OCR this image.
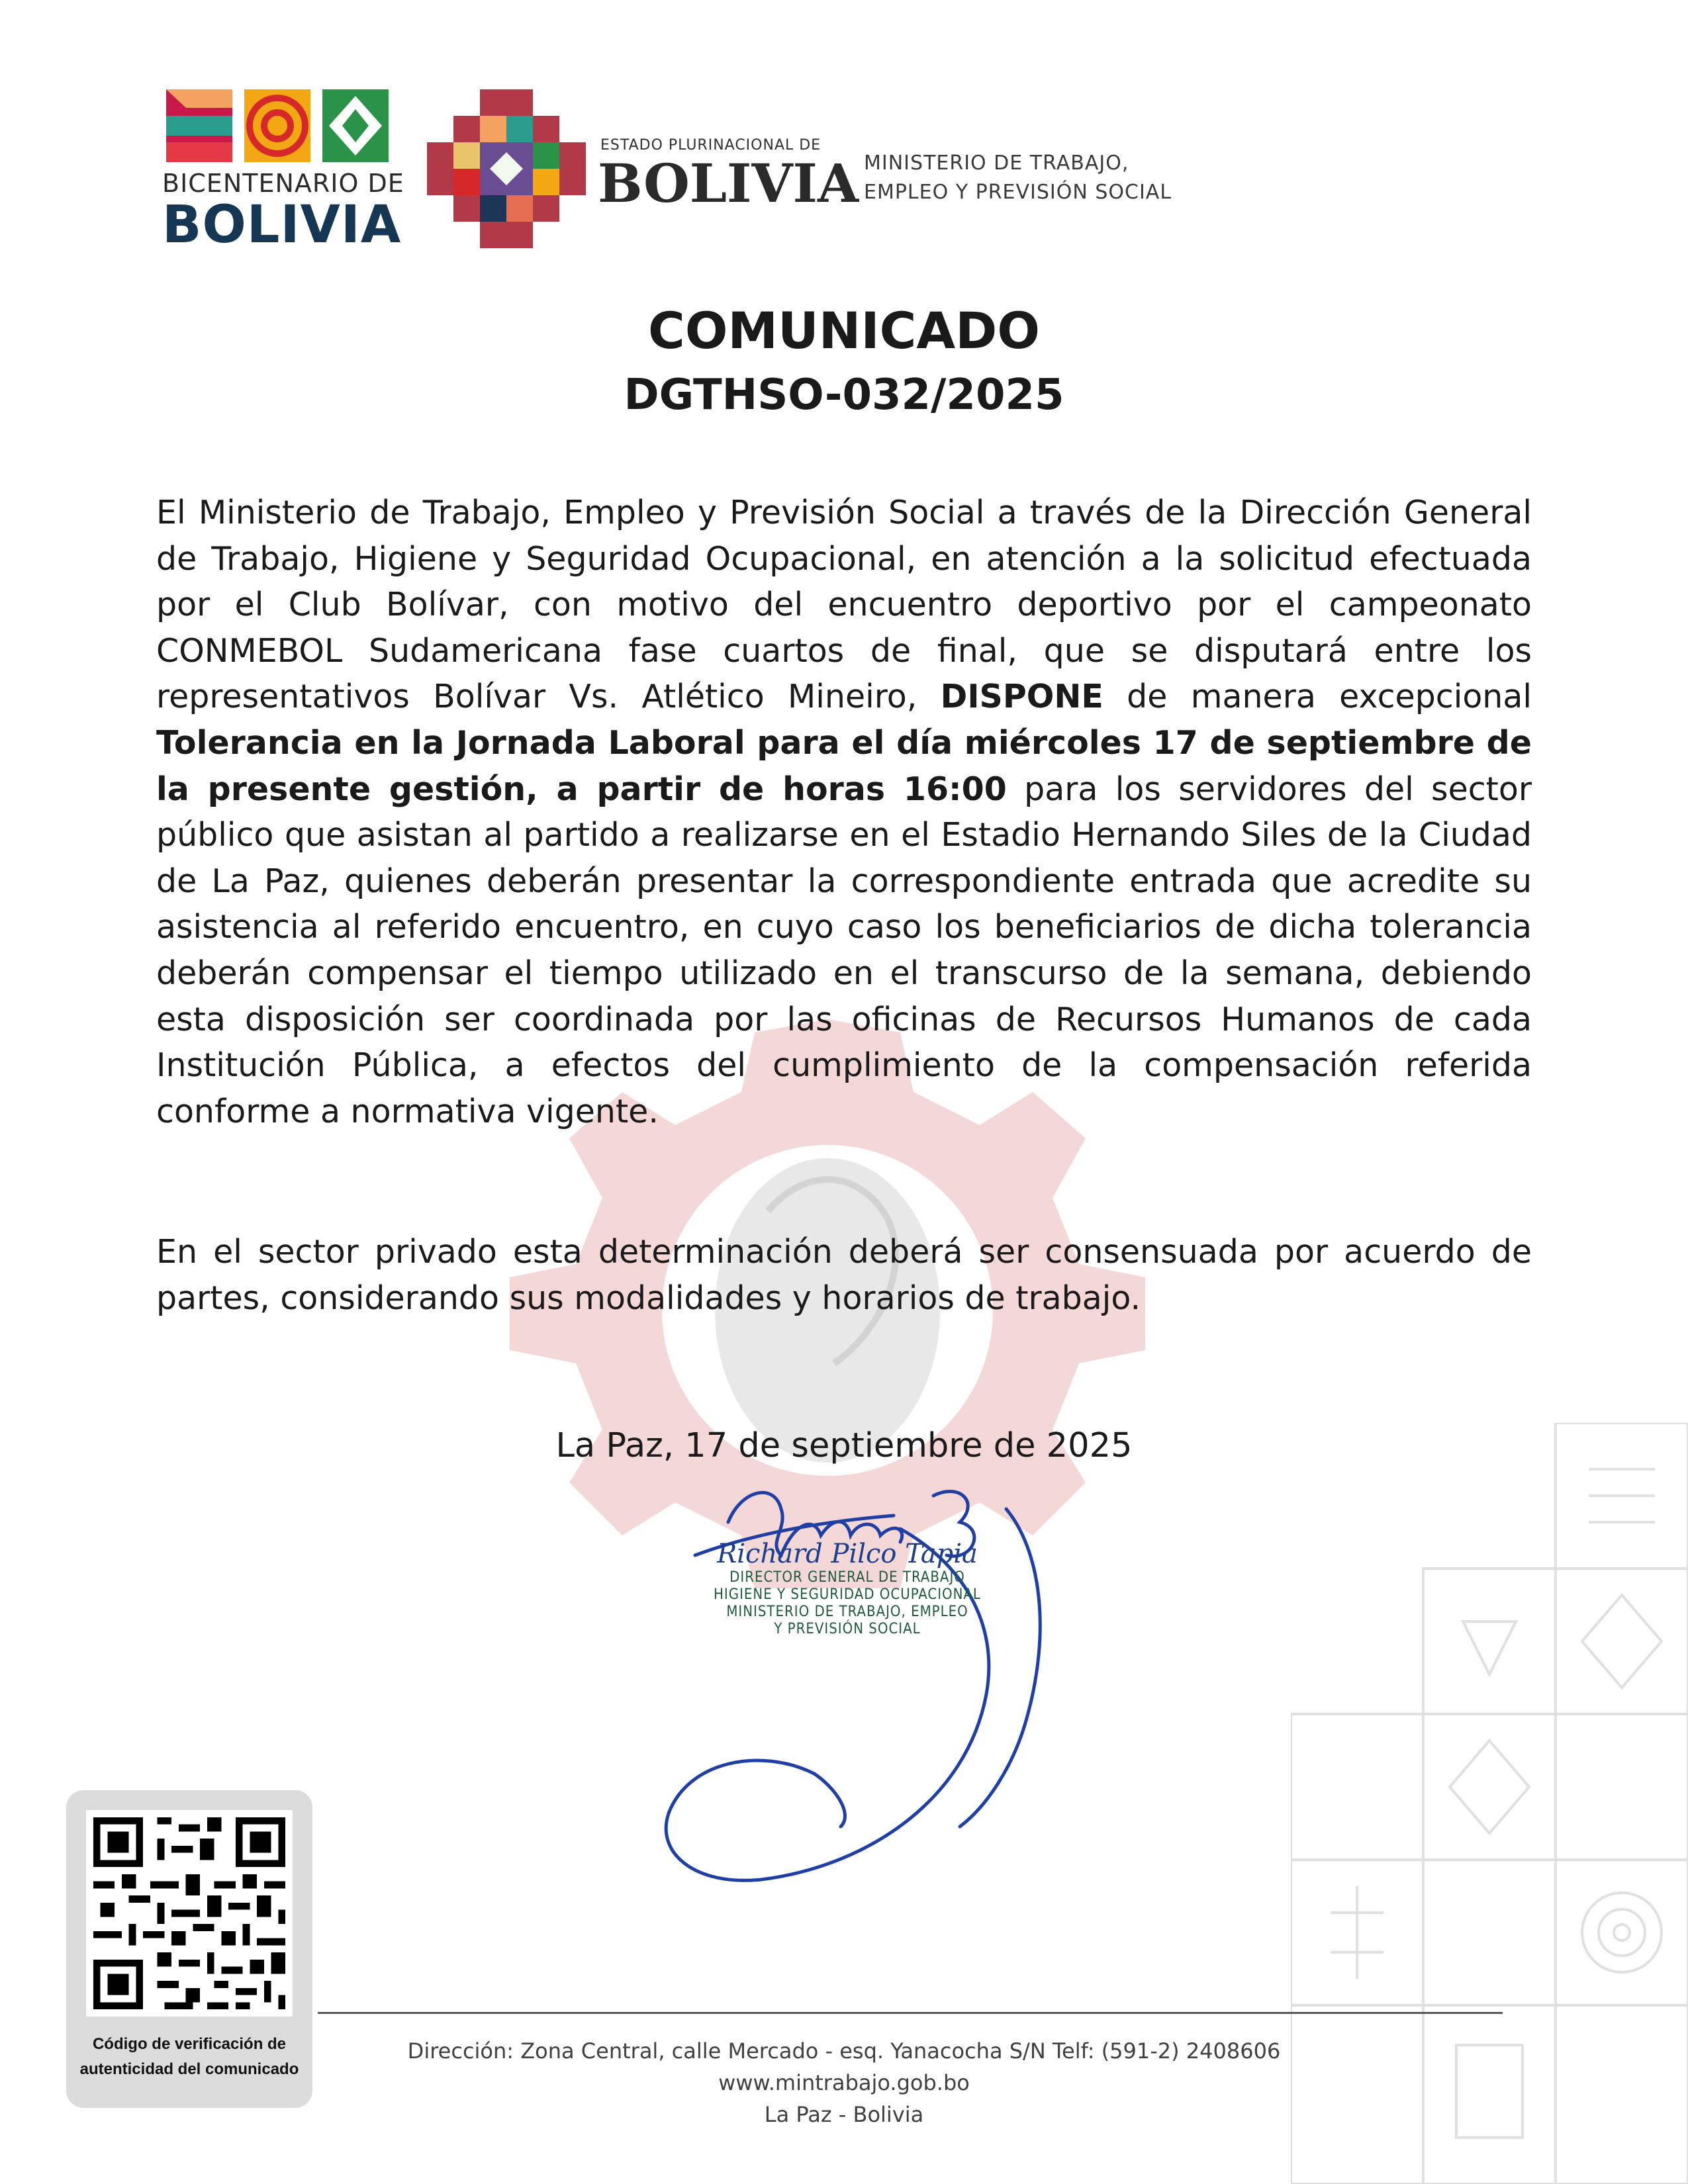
BICENTENARIO DE
BOLIVIA
ESTADO PLURINACIONAL DE
BOLIVIA MINISTERIO DE TRABAJO,
EMPLEO Y PREVISIÓN SOCIAL
COMUNICADO
DGTHSO-032/2025
El Ministerio de Trabajo, Empleo y Previsión Social a través de la Dirección General de Trabajo, Higiene y Seguridad Ocupacional, en atención a la solicitud efectuada por el Club Bolívar, con motivo del encuentro deportivo por el campeonato CONMEBOL Sudamericana fase cuartos de final, que se disputará entre los representativos Bolívar Vs. Atlético Mineiro, DISPONE de manera excepcional Tolerancia en la Jornada Laboral para el día miércoles 17 de septiembre de la presente gestión, a partir de horas 16:00 para los servidores del sector público que asistan al partido a realizarse en el Estadio Hernando Siles de la Ciudad de La Paz, quienes deberán presentar la correspondiente entrada que acredite su asistencia al referido encuentro, en cuyo caso los beneficiarios de dicha tolerancia deberán compensar el tiempo utilizado en el transcurso de la semana, debiendo esta disposición ser coordinada por las oficinas de Recursos Humanos de cada Institución Pública, a efectos del cumplimiento de la compensación referida conforme a normativa vigente.
En el sector privado esta determinación deberá ser consensuada por acuerdo de partes, considerando sus modalidades y horarios de trabajo.
La Paz, 17 de septiembre de 2025
Richard Pilco Tapia
DIRECTOR GENERAL DE TRABAJO
HIGIENE Y SEGURIDAD OCUPACIONAL
MINISTERIO DE TRABAJO, EMPLEO
Y PREVISIÓN SOCIAL
Código de verificación de
autenticidad del comunicado
Dirección: Zona Central, calle Mercado - esq. Yanacocha S/N Telf: (591-2) 2408606
www.mintrabajo.gob.bo
La Paz - Bolivia
